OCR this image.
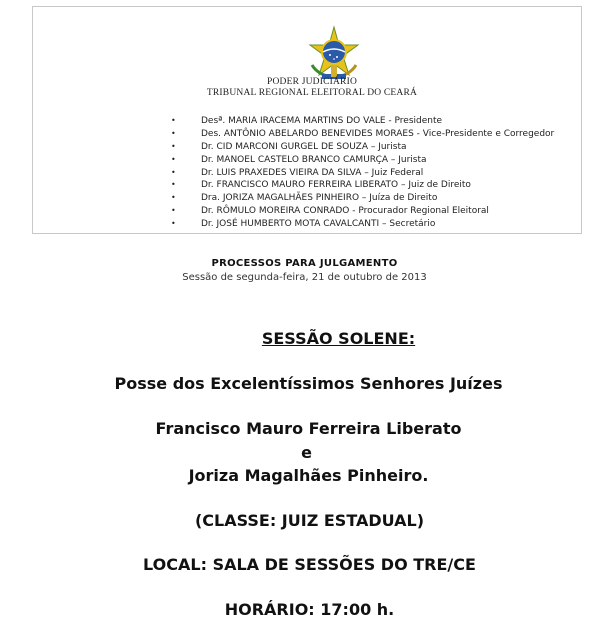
PODER JUDICIÁRIO
TRIBUNAL REGIONAL ELEITORAL DO CEARÁ
•	Desª. MARIA IRACEMA MARTINS DO VALE - Presidente
•	Des. ANTÔNIO ABELARDO BENEVIDES MORAES - Vice-Presidente e Corregedor
•	Dr. CID MARCONI GURGEL DE SOUZA – Jurista
•	Dr. MANOEL CASTELO BRANCO CAMURÇA – Jurista
•	Dr. LUIS PRAXEDES VIEIRA DA SILVA – Juiz Federal
•	Dr. FRANCISCO MAURO FERREIRA LIBERATO – Juiz de Direito
•	Dra. JORIZA MAGALHÃES PINHEIRO – Juíza de Direito
•	Dr. RÔMULO MOREIRA CONRADO - Procurador Regional Eleitoral
•	Dr. JOSÉ HUMBERTO MOTA CAVALCANTI – Secretário
PROCESSOS PARA JULGAMENTO
Sessão de segunda-feira, 21 de outubro de 2013
SESSÃO SOLENE:
Posse dos Excelentíssimos Senhores Juízes
Francisco Mauro Ferreira Liberato
e
Joriza Magalhães Pinheiro.
(CLASSE: JUIZ ESTADUAL)
LOCAL: SALA DE SESSÕES DO TRE/CE
HORÁRIO: 17:00 h.
